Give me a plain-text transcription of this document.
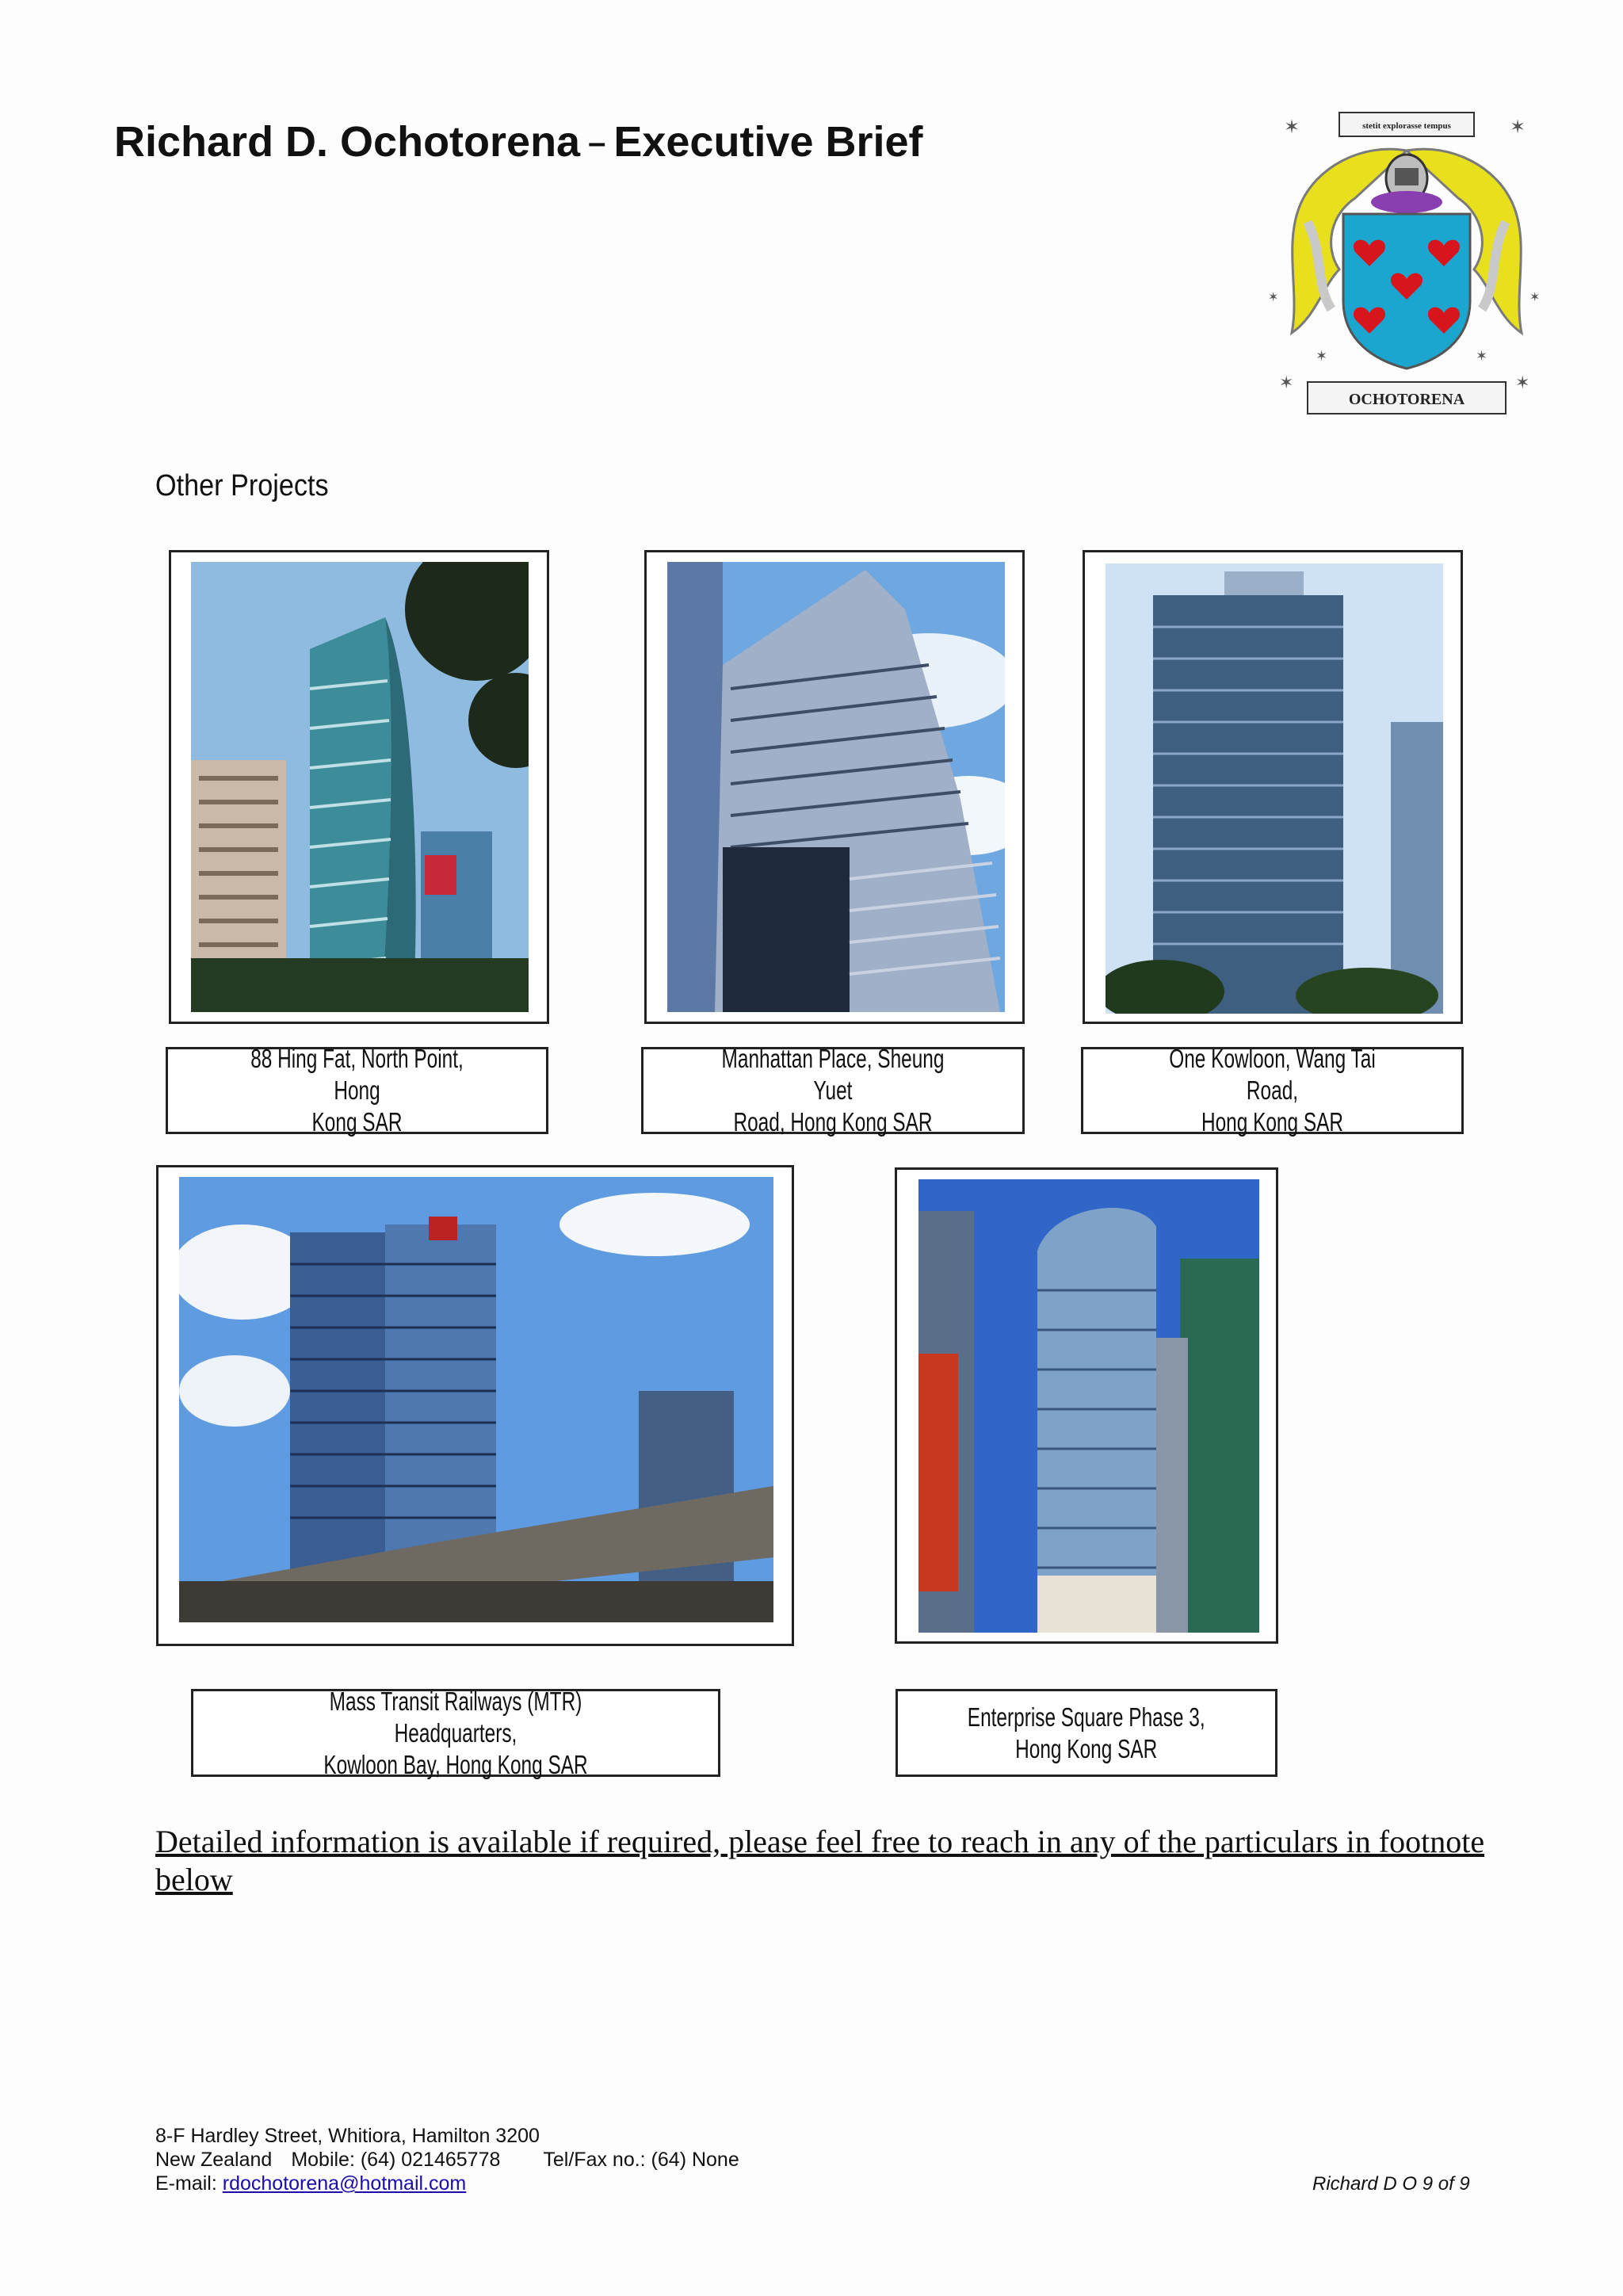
Richard D. Ochotorena – Executive Brief	✶	✶
✶	✶
✶	✶
✶	✶
stetit explorasse tempus
OCHOTORENA
Other Projects
88 Hing Fat, North Point, Hong
Kong SAR
Manhattan Place, Sheung Yuet
Road, Hong Kong SAR
One Kowloon, Wang Tai Road,
Hong Kong SAR
Mass Transit Railways (MTR) Headquarters,
Kowloon Bay, Hong Kong SAR
Enterprise Square Phase 3,
Hong Kong SAR
Detailed information is available if required, please feel free to reach in any of the particulars in footnote below
8-F Hardley Street, Whitiora, Hamilton 3200
New Zealand Mobile: (64) 021465778 Tel/Fax no.: (64) None
E-mail: rdochotorena@hotmail.com	Richard D O 9 of 9
